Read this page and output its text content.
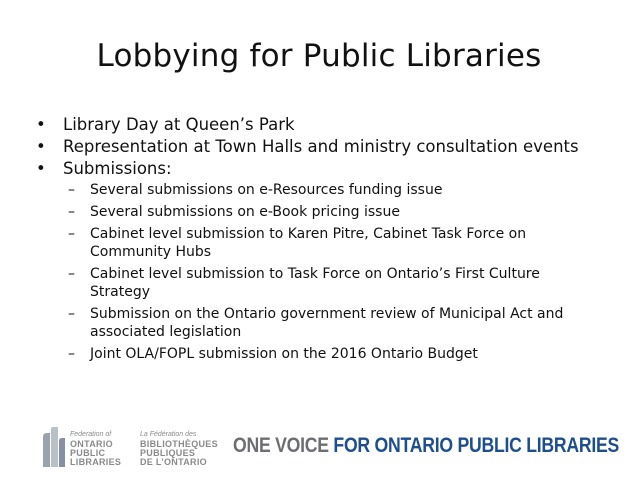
Lobbying for Public Libraries
• Library Day at Queen’s Park
• Representation at Town Halls and ministry consultation events
• Submissions:
– Several submissions on e-Resources funding issue
– Several submissions on e-Book pricing issue
– Cabinet level submission to Karen Pitre, Cabinet Task Force on Community Hubs
– Cabinet level submission to Task Force on Ontario’s First Culture Strategy
– Submission on the Ontario government review of Municipal Act and associated legislation
– Joint OLA/FOPL submission on the 2016 Ontario Budget
Federation of
ONTARIO
PUBLIC
LIBRARIES
La Fédération des
BIBLIOTHÈQUES
PUBLIQUES
DE L’ONTARIO
ONE VOICE FOR ONTARIO PUBLIC LIBRARIES
